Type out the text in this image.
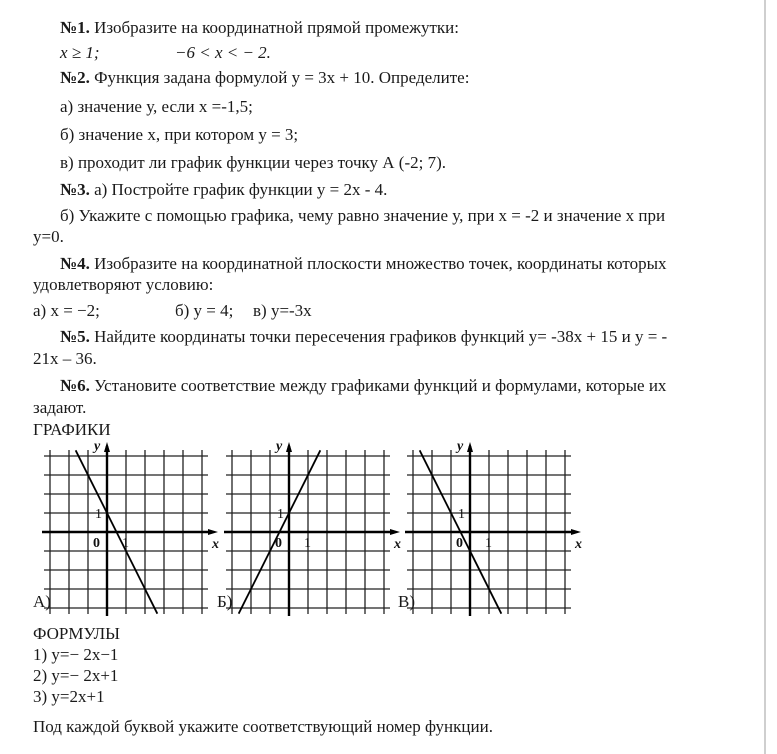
№1. Изобразите на координатной прямой промежутки:
x ≥ 1;	−6 < x < − 2.
№2. Функция задана формулой у = 3х + 10. Определите:
а) значение у, если х =-1,5;
б) значение х, при котором у = 3;
в) проходит ли график функции через точку А (-2; 7).
№3. а) Постройте график функции у = 2х - 4.
б) Укажите с помощью графика, чему равно значение у, при х = -2 и значение х при
у=0.
№4. Изобразите на координатной плоскости множество точек, координаты которых
удовлетворяют условию:
а) x = −2;	б) y = 4; в) у=-3х
№5. Найдите координаты точки пересечения графиков функций у= -38х + 15 и у = -
21х – 36.
№6. Установите соответствие между графиками функций и формулами, которые их
задают.
ГРАФИКИ
y
x
0 1
1
y
x
0 1
1
y
x
0 1
1
А)	Б)	В)
ФОРМУЛЫ
1) у=− 2х−1
2) у=− 2х+1
3) у=2х+1
Под каждой буквой укажите соответствующий номер функции.
